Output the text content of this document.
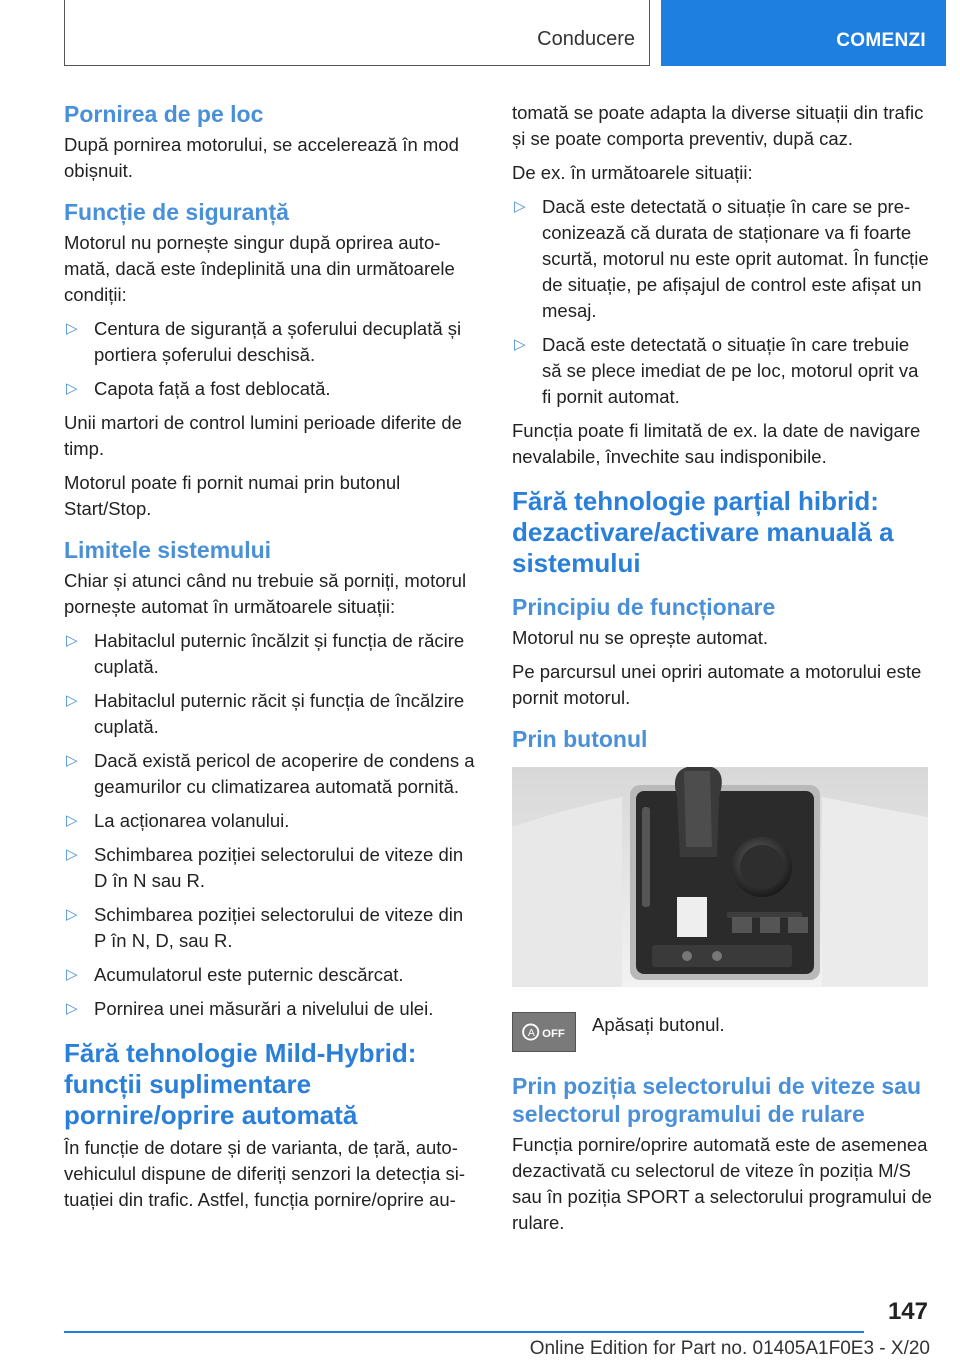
Conducere	COMENZI
Pornirea de pe loc

După pornirea motorului, se accelerează în mod obișnuit.

Funcție de siguranță

Motorul nu pornește singur după oprirea automată, dacă este îndeplinită una din următoarele condiții:

▷ Centura de siguranță a șoferului decuplată și portiera șoferului deschisă.
▷ Capota față a fost deblocată.

Unii martori de control lumini perioade diferite de timp.

Motorul poate fi pornit numai prin butonul Start/Stop.

Limitele sistemului

Chiar și atunci când nu trebuie să porniți, motorul pornește automat în următoarele situații:

▷ Habitaclul puternic încălzit și funcția de răcire cuplată.
▷ Habitaclul puternic răcit și funcția de încălzire cuplată.
▷ Dacă există pericol de acoperire de condens a geamurilor cu climatizarea automată pornită.
▷ La acționarea volanului.
▷ Schimbarea poziției selectorului de viteze din D în N sau R.
▷ Schimbarea poziției selectorului de viteze din P în N, D, sau R.
▷ Acumulatorul este puternic descărcat.
▷ Pornirea unei măsurări a nivelului de ulei.
Fără tehnologie Mild-Hybrid: funcții suplimentare pornire/oprire automată

În funcție de dotare și de varianta, de țară, autovehiculul dispune de diferiți senzori la detecția situației din trafic. Astfel, funcția pornire/oprire au-

tomată se poate adapta la diverse situații din trafic și se poate comporta preventiv, după caz.

De ex. în următoarele situații:

▷ Dacă este detectată o situație în care se preconizează că durata de staționare va fi foarte scurtă, motorul nu este oprit automat. În funcție de situație, pe afișajul de control este afișat un mesaj.
▷ Dacă este detectată o situație în care trebuie să se plece imediat de pe loc, motorul oprit va fi pornit automat.

Funcția poate fi limitată de ex. la date de navigare nevalabile, învechite sau indisponibile.

Fără tehnologie parțial hibrid: dezactivare/activare manuală a sistemului
Principiu de funcționare

Motorul nu se oprește automat.

Pe parcursul unei opriri automate a motorului este pornit motorul.

Prin butonul
A OFF Apăsați butonul.

Prin poziția selectorului de viteze sau selectorul programului de rulare

Funcția pornire/oprire automată este de asemenea dezactivată cu selectorul de viteze în poziția M/S sau în poziția SPORT a selectorului programului de rulare.

147
Online Edition for Part no. 01405A1F0E3 - X/20
